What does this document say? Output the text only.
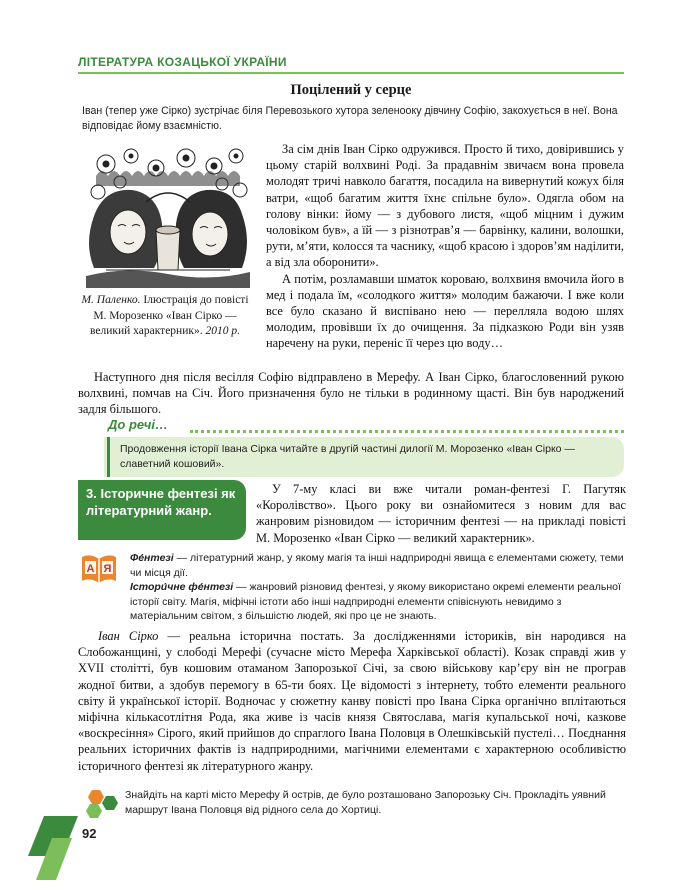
ЛІТЕРАТУРА КОЗАЦЬКОЇ УКРАЇНИ
Поцілений у серце
Іван (тепер уже Сірко) зустрічає біля Перевозького хутора зеленооку дівчину Софію, закохується в неї. Вона відповідає йому взаємністю.
М. Паленко. Ілюстрація до повісті М. Морозенко «Іван Сірко — великий характерник». 2010 р.

За сім днів Іван Сірко одружився. Просто й тихо, довірившись у цьому старій волхвині Роді. За прадавнім звичаєм вона провела молодят тричі навколо багаття, посадила на вивернутий кожух біля ватри, «щоб багатим життя їхнє спільне було». Одягла обом на голову вінки: йому — з дубового листя, «щоб міцним і дужим чоловіком був», а їй — з різнотрав’я — барвінку, калини, волошки, рути, м’яти, колосся та часнику, «щоб красою і здоров’ям наділити, а від зла оборонити».

А потім, розламавши шматок короваю, волхвиня вмочила його в мед і подала їм, «солодкого життя» молодим бажаючи. І вже коли все було сказано й виспівано нею — перелляла водою шлях молодим, провівши їх до очищення. За підказкою Роди він узяв наречену на руки, переніс її через цю воду…

Наступного дня після весілля Софію відправлено в Мерефу. А Іван Сірко, благословенний рукою волхвині, помчав на Січ. Його призначення було не тільки в родинному щасті. Він був народжений задля більшого.

До речі…
Продовження історії Івана Сірка читайте в другій частині дилогії М. Морозенко «Іван Сірко — славетний кошовий».
3. Історичне фентезі як літературний жанр.

У 7-му класі ви вже читали роман-фентезі Г. Пагутяк «Королівство». Цього року ви ознайомитеся з новим для вас жанровим різновидом — історичним фентезі — на прикладі повісті М. Морозенко «Іван Сірко — великий характерник».

А Я
Фе́нтезі — літературний жанр, у якому магія та інші надприродні явища є елементами сюжету, теми чи місця дії.
Істори́чне фе́нтезі — жанровий різновид фентезі, у якому використано окремі елементи реальної історії світу. Магія, міфічні істоти або інші надприродні елементи співіснують невидимо з матеріальним світом, з більшістю людей, які про це не знають.

Іван Сірко — реальна історична постать. За дослідженнями істориків, він народився на Слобожанщині, у слободі Мерефі (сучасне місто Мерефа Харківської області). Козак справді жив у XVII столітті, був кошовим отаманом Запорозької Січі, за свою військову кар’єру він не програв жодної битви, а здобув перемогу в 65-ти боях. Це відомості з інтернету, тобто елементи реального світу й української історії. Водночас у сюжетну канву повісті про Івана Сірка органічно вплітаються міфічна кількасотлітня Рода, яка живе із часів князя Святослава, магія купальської ночі, казкове «воскресіння» Сірого, який прийшов до спраглого Івана Половця в Олешківській пустелі… Поєднання реальних історичних фактів із надприродними, магічними елементами є характерною особливістю історичного фентезі як літературного жанру.

Знайдіть на карті місто Мерефу й острів, де було розташовано Запорозьку Січ. Прокладіть уявний маршрут Івана Половця від рідного села до Хортиці.
92
